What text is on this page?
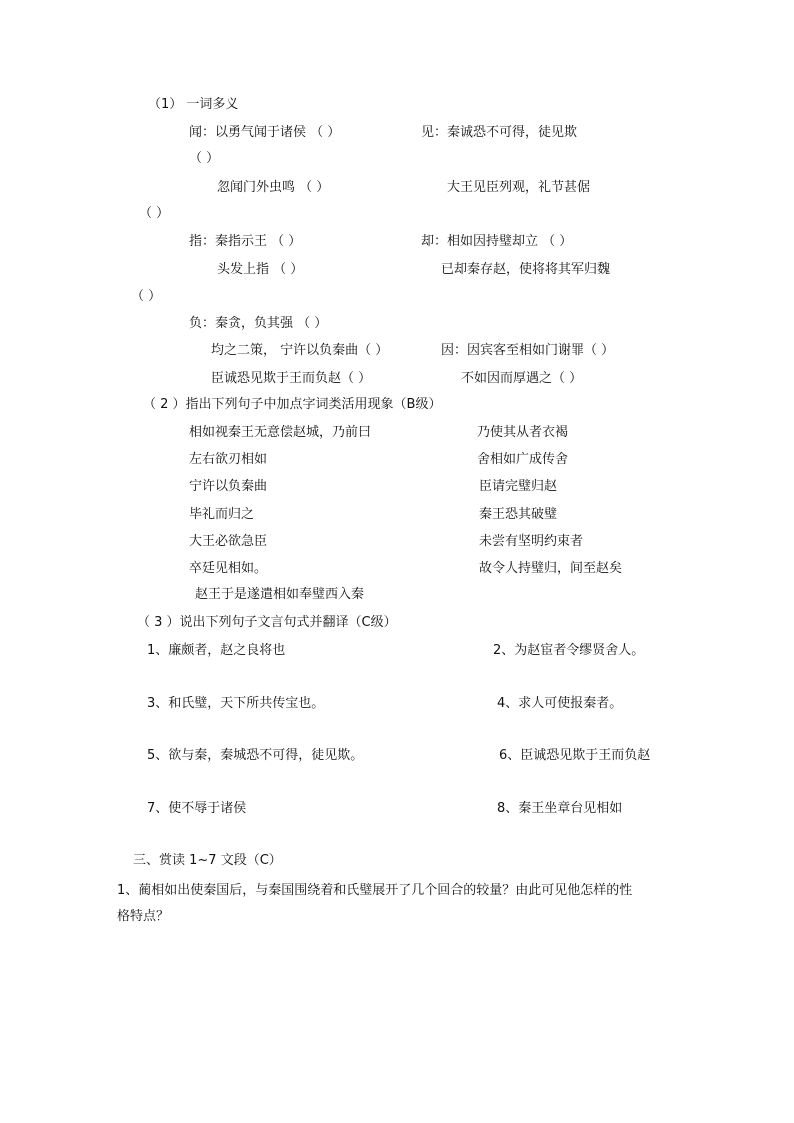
（1） 一词多义
闻：以勇气闻于诸侯 （ ）	见：秦诚恐不可得，徒见欺
（ ）
忽闻门外虫鸣 （ ）	大王见臣列观，礼节甚倨
（ ）
指：秦指示王 （ ）	却：相如因持璧却立 （ ）
头发上指 （ ）	已却秦存赵，使将将其军归魏
（ ）
负：秦贪，负其强 （ ）
均之二策， 宁许以负秦曲（ ）	因：因宾客至相如门谢罪（ ）
臣诚恐见欺于王而负赵（ ）	不如因而厚遇之（ ）
（ 2 ）指出下列句子中加点字词类活用现象（B级）
相如视秦王无意偿赵城，乃前曰	乃使其从者衣褐
左右欲刃相如	舍相如广成传舍
宁许以负秦曲	臣请完璧归赵
毕礼而归之	秦王恐其破璧
大王必欲急臣	未尝有坚明约束者
卒廷见相如。	故令人持璧归，间至赵矣
赵王于是遂遣相如奉璧西入秦
（ 3 ）说出下列句子文言句式并翻译（C级）
1、廉颇者，赵之良将也	2、为赵宦者令缪贤舍人。
3、和氏璧，天下所共传宝也。	4、求人可使报秦者。
5、欲与秦，秦城恐不可得，徒见欺。	6、臣诚恐见欺于王而负赵
7、使不辱于诸侯	8、秦王坐章台见相如
三、赏读 1~7 文段（C）
1、蔺相如出使秦国后，与秦国围绕着和氏璧展开了几个回合的较量？由此可见他怎样的性
格特点？
